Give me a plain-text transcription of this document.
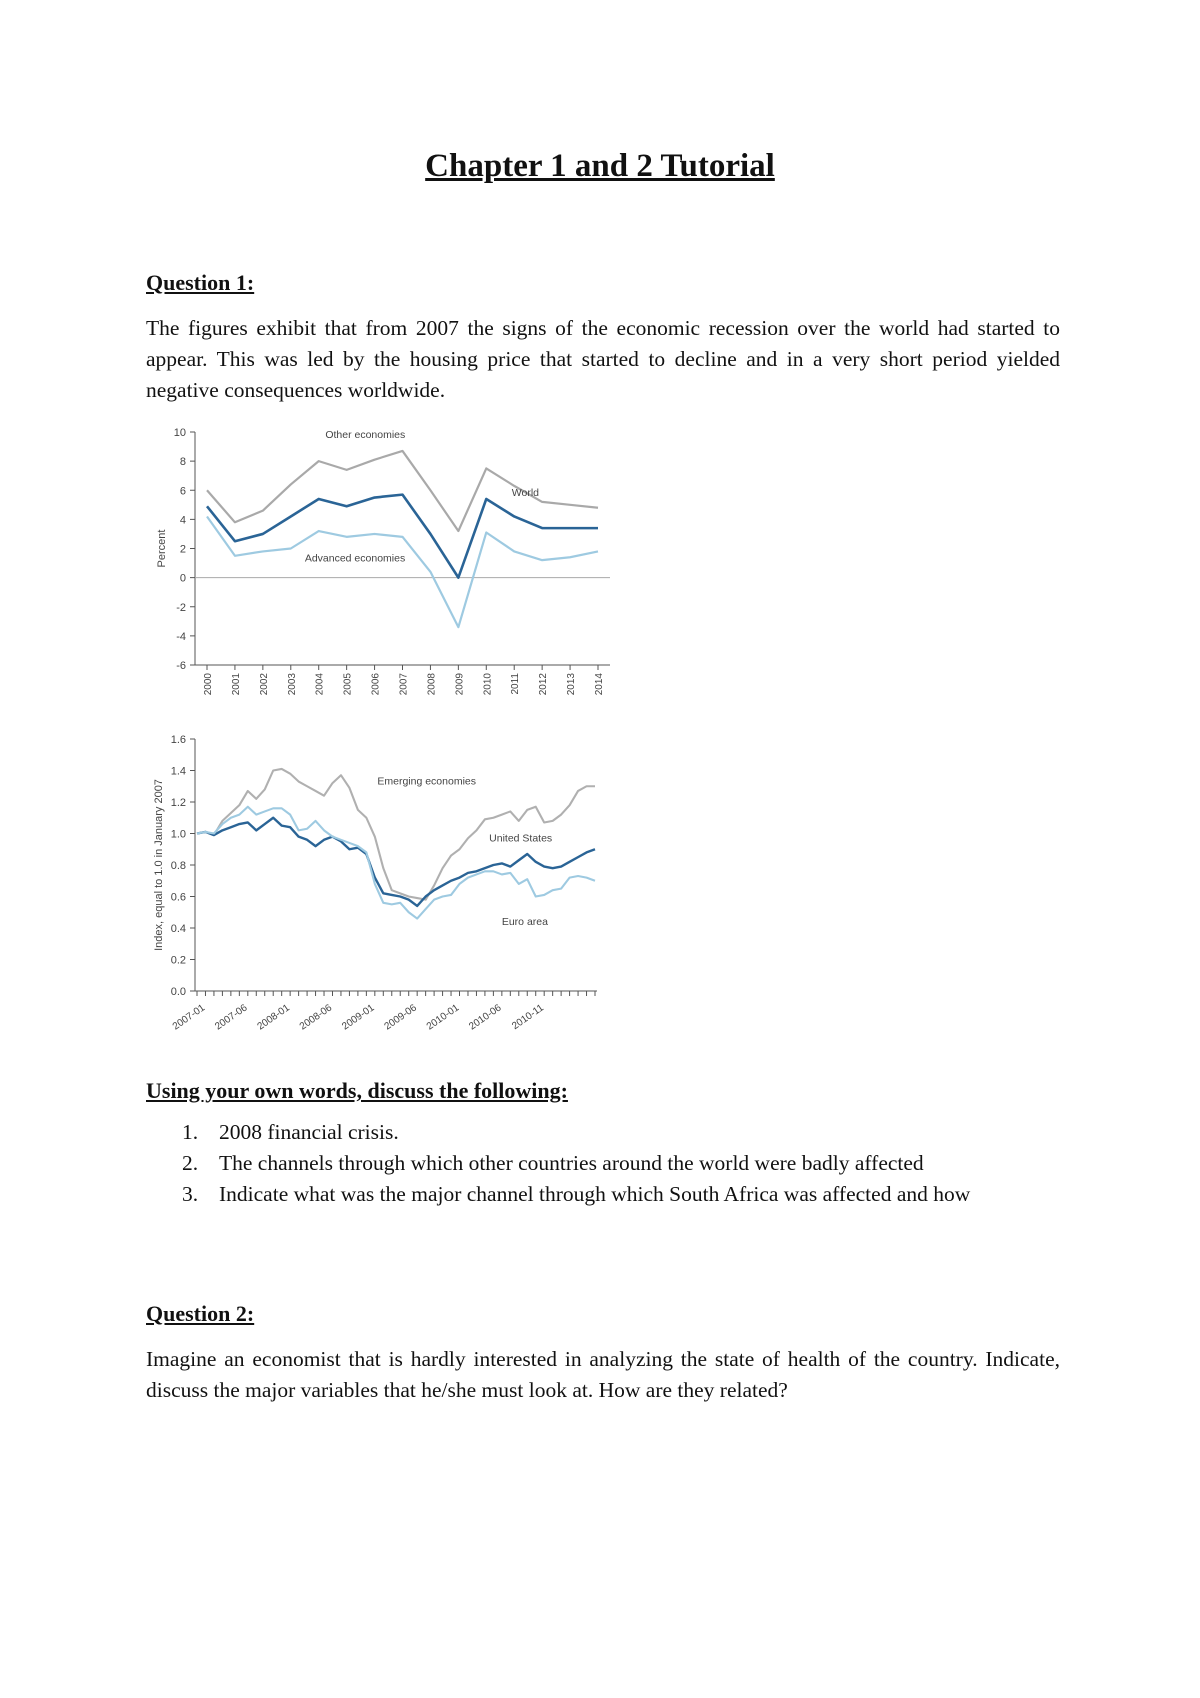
Chapter 1 and 2 Tutorial
Question 1:

The figures exhibit that from 2007 the signs of the economic recession over the world had started to appear. This was led by the housing price that started to decline and in a very short period yielded negative consequences worldwide.

10
8
6
4
2
0
-2
-4
-6
2000 2001 2002 2003 2004 2005 2006 2007 2008 2009 2010 2011 2012 2013 2014
Percent
Other economies
World
Advanced economies
1.6
1.4
1.2
1.0
0.8
0.6
0.4
0.2
0.0
2007-01 2007-06 2008-01 2008-06 2009-01 2009-06 2010-01 2010-06 2010-11
Index, equal to 1.0 in January 2007	Emerging economies
United States
Euro area
Using your own words, discuss the following:
1. 2008 financial crisis.
2. The channels through which other countries around the world were badly affected
3. Indicate what was the major channel through which South Africa was affected and how
Question 2:

Imagine an economist that is hardly interested in analyzing the state of health of the country. Indicate, discuss the major variables that he/she must look at. How are they related?
